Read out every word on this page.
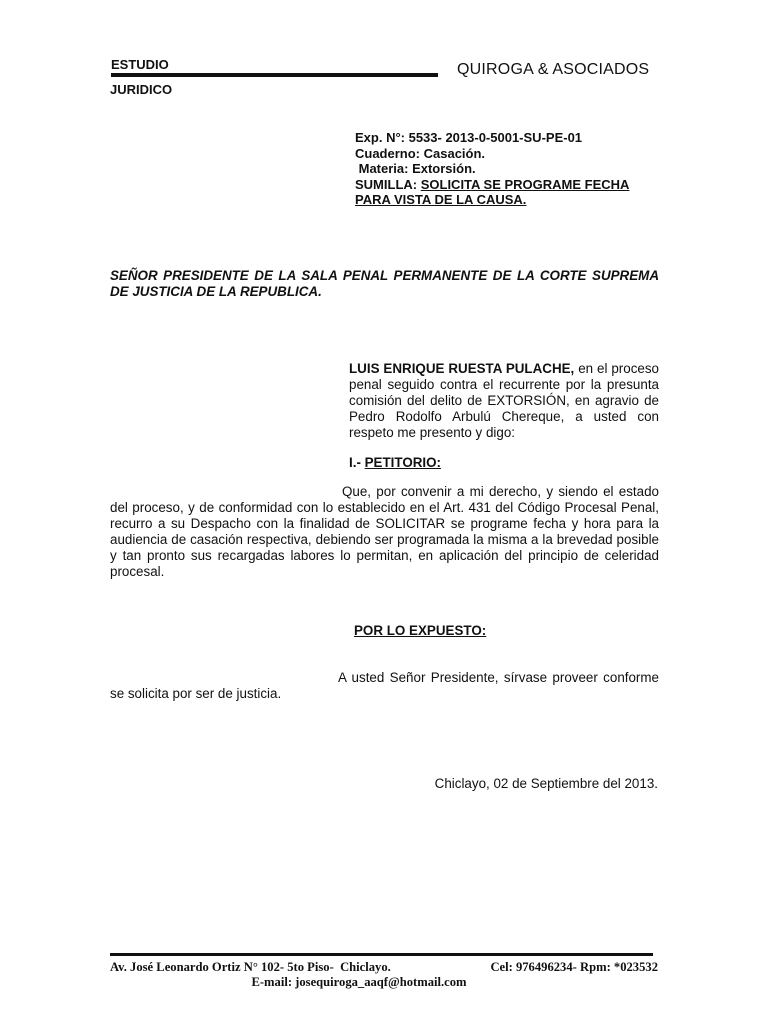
ESTUDIO
JURIDICO
QUIROGA & ASOCIADOS
Exp. N°: 5533- 2013-0-5001-SU-PE-01
Cuaderno: Casación.
Materia: Extorsión.
SUMILLA: SOLICITA SE PROGRAME FECHA
PARA VISTA DE LA CAUSA.
SEÑOR PRESIDENTE DE LA SALA PENAL PERMANENTE DE LA CORTE SUPREMA DE JUSTICIA DE LA REPUBLICA.
LUIS ENRIQUE RUESTA PULACHE, en el proceso penal seguido contra el recurrente por la presunta comisión del delito de EXTORSIÓN, en agravio de Pedro Rodolfo Arbulú Chereque, a usted con respeto me presento y digo:
I.- PETITORIO:
Que, por convenir a mi derecho, y siendo el estado del proceso, y de conformidad con lo establecido en el Art. 431 del Código Procesal Penal, recurro a su Despacho con la finalidad de SOLICITAR se programe fecha y hora para la audiencia de casación respectiva, debiendo ser programada la misma a la brevedad posible y tan pronto sus recargadas labores lo permitan, en aplicación del principio de celeridad procesal.
POR LO EXPUESTO:
A usted Señor Presidente, sírvase proveer conforme  se solicita por ser de justicia.
Chiclayo, 02 de Septiembre del 2013.
Av. José Leonardo Ortiz N° 102- 5to Piso-  Chiclayo.	Cel: 976496234- Rpm: *023532
E-mail: josequiroga_aaqf@hotmail.com
